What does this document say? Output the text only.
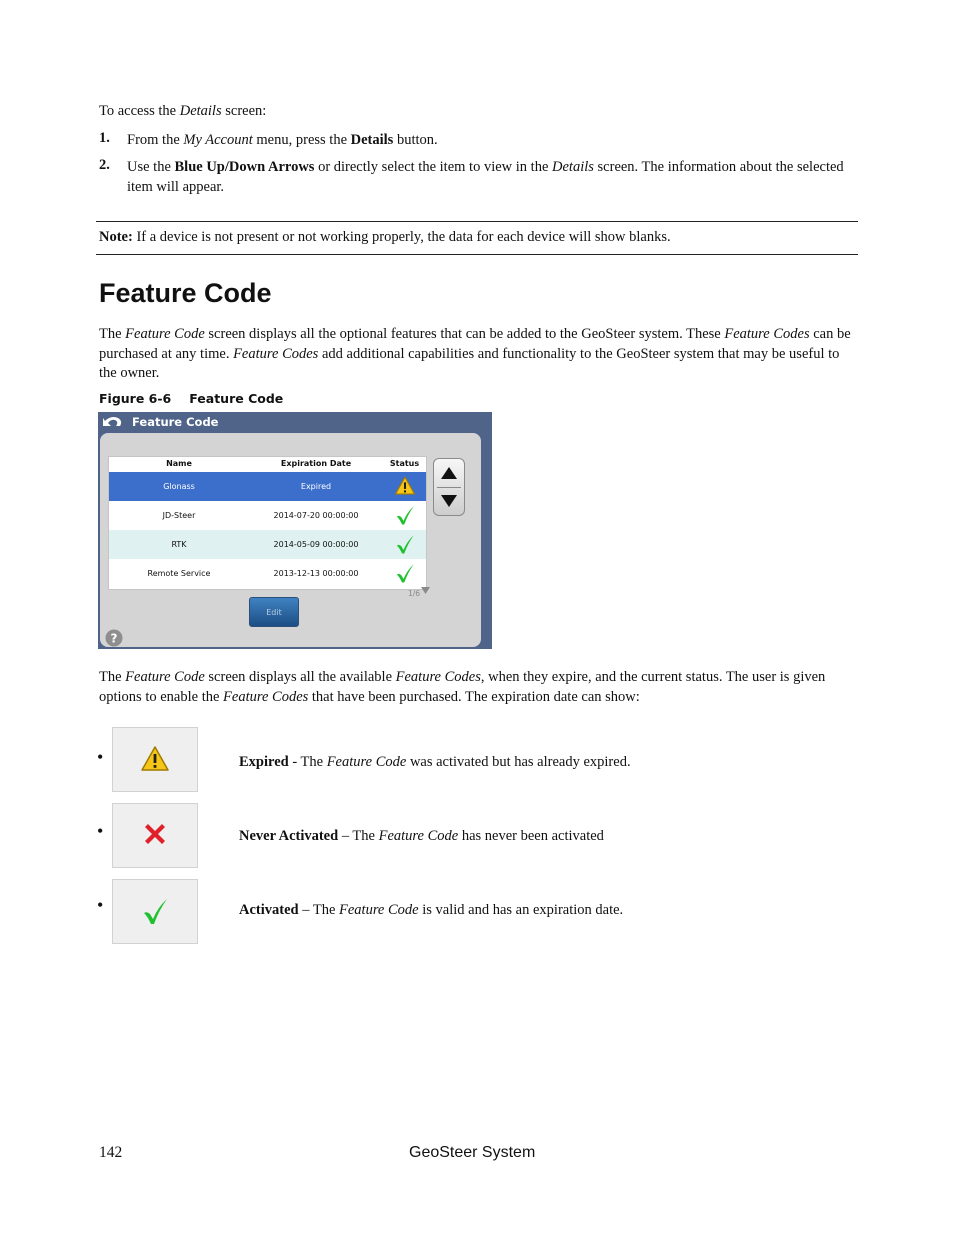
To access the Details screen:

1. From the My Account menu, press the Details button.

2. Use the Blue Up/Down Arrows or directly select the item to view in the Details screen. The information about the selected item will appear.

Note: If a device is not present or not working properly, the data for each device will show blanks.

Feature Code

The Feature Code screen displays all the optional features that can be added to the GeoSteer system. These Feature Codes can be purchased at any time. Feature Codes add additional capabilities and functionality to the GeoSteer system that may be useful to the owner.

Figure 6-6 Feature Code
Feature Code
Name	Expiration Date	Status
Glonass	Expired
JD-Steer	2014-07-20 00:00:00
RTK	2014-05-09 00:00:00
Remote Service	2013-12-13 00:00:00
1/6
Edit
?

The Feature Code screen displays all the available Feature Codes, when they expire, and the current status. The user is given options to enable the Feature Codes that have been purchased. The expiration date can show:

•	Expired - The Feature Code was activated but has already expired.

•	Never Activated – The Feature Code has never been activated

•	Activated – The Feature Code is valid and has an expiration date.

142	GeoSteer System
